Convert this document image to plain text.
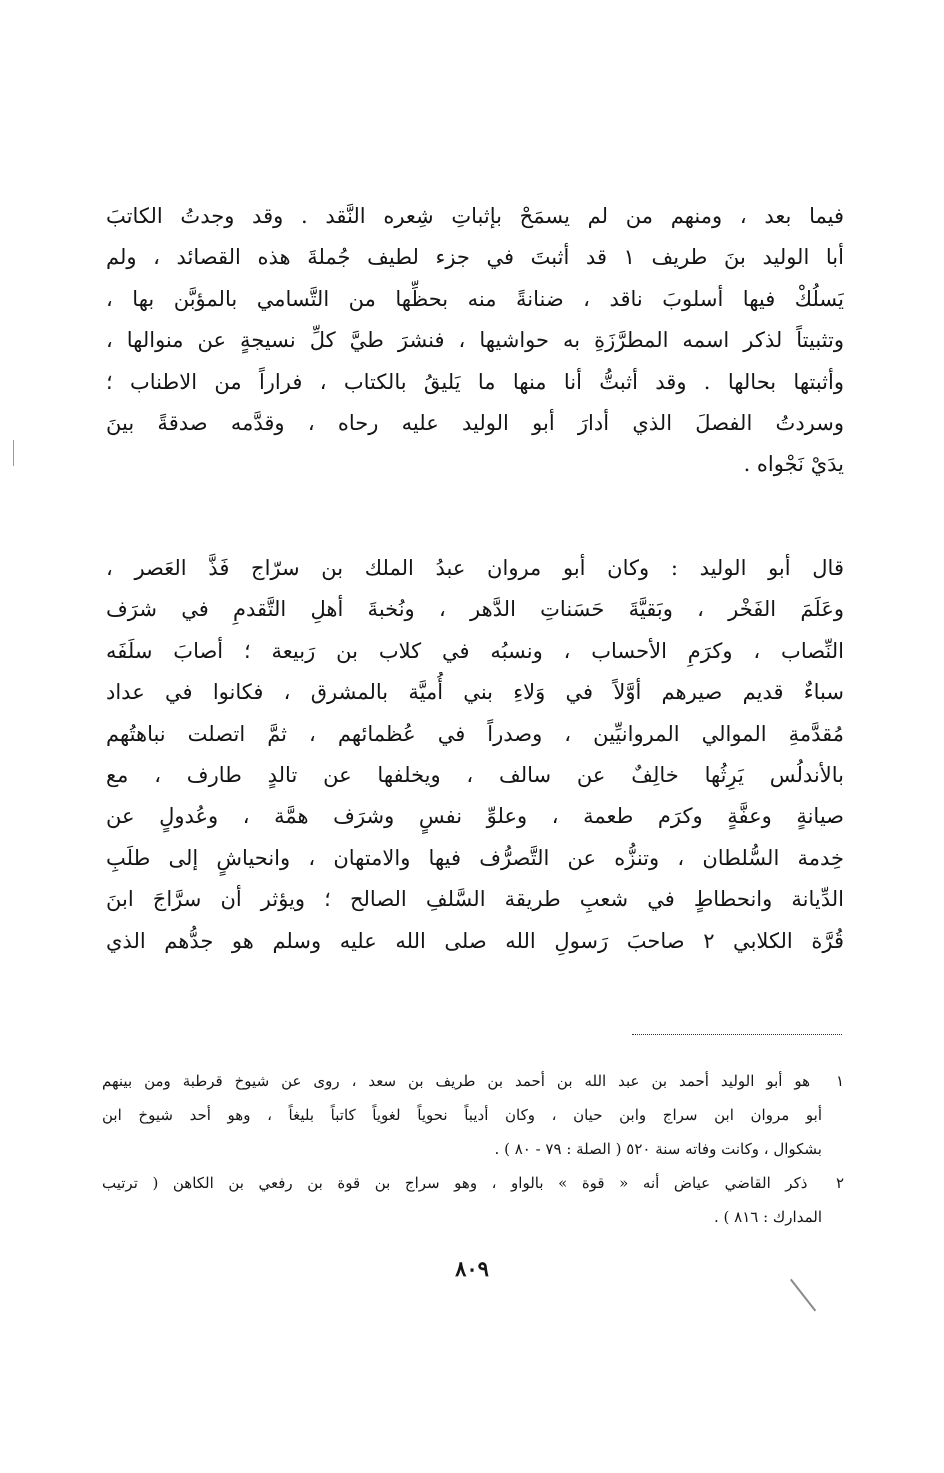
فيما بعد ، ومنهم من لم يسمَحْ بإثباتِ شِعره النَّقد . وقد وجدتُ الكاتبَ
أبا الوليد بنَ طريف ١ قد أثبتَ في جزء لطيف جُملةَ هذه القصائد ، ولم
يَسلُكْ فيها أسلوبَ ناقد ، ضنانةً منه بحظِّها من التَّسامي بالمؤبَّن بها ،
وتثبيتاً لذكر اسمه المطرَّزَةِ به حواشيها ، فنشرَ طيَّ كلِّ نسيجةٍ عن منوالها ،
وأثبتها بحالها . وقد أثبتُّ أنا منها ما يَليقُ بالكتاب ، فراراً من الاطناب ؛
وسردتُ الفصلَ الذي أدارَ أبو الوليد عليه رحاه ، وقدَّمه صدقةً بينَ
يدَيْ نَجْواه .
قال أبو الوليد : وكان أبو مروان عبدُ الملك بن سرّاج فَذَّ العَصر ،
وعَلَمَ الفَخْر ، وبَقيَّةَ حَسَناتِ الدَّهر ، ونُخبةَ أهلِ التَّقدمِ في شرَف
النِّصاب ، وكرَمِ الأحساب ، ونسبُه في كلاب بن رَبيعة ؛ أصابَ سلَفَه
سباءٌ قديم صيرهم أوَّلاً في وَلاءِ بني أُميَّة بالمشرق ، فكانوا في عداد
مُقدَّمةِ الموالي المروانيِّين ، وصدراً في عُظمائهم ، ثمَّ اتصلت نباهتُهم
بالأندلُس يَرِثُها خالِفٌ عن سالف ، ويخلفها عن تالدٍ طارف ، مع
صيانةٍ وعفَّةٍ وكرَم طعمة ، وعلوِّ نفسٍ وشرَف همَّة ، وعُدولٍ عن
خِدمة السُّلطان ، وتنزُّه عن التَّصرُّف فيها والامتهان ، وانحياشٍ إلى طلَبِ
الدِّيانة وانحطاطٍ في شعبِ طريقة السَّلفِ الصالح ؛ ويؤثر أن سرَّاجَ ابنَ
قُرَّة الكلابي ٢ صاحبَ رَسولِ الله صلى الله عليه وسلم هو جدُّهم الذي
١ هو أبو الوليد أحمد بن عبد الله بن أحمد بن طريف بن سعد ، روى عن شيوخ قرطبة ومن بينهم
أبو مروان ابن سراج وابن حيان ، وكان أديباً نحوياً لغوياً كاتباً بليغاً ، وهو أحد شيوخ ابن
بشكوال ، وكانت وفاته سنة ٥٢٠ ( الصلة : ٧٩ - ٨٠ ) .
٢ ذكر القاضي عياض أنه « قوة » بالواو ، وهو سراج بن قوة بن رفعي بن الكاهن ( ترتيب
المدارك : ٨١٦ ) .
٨٠٩
